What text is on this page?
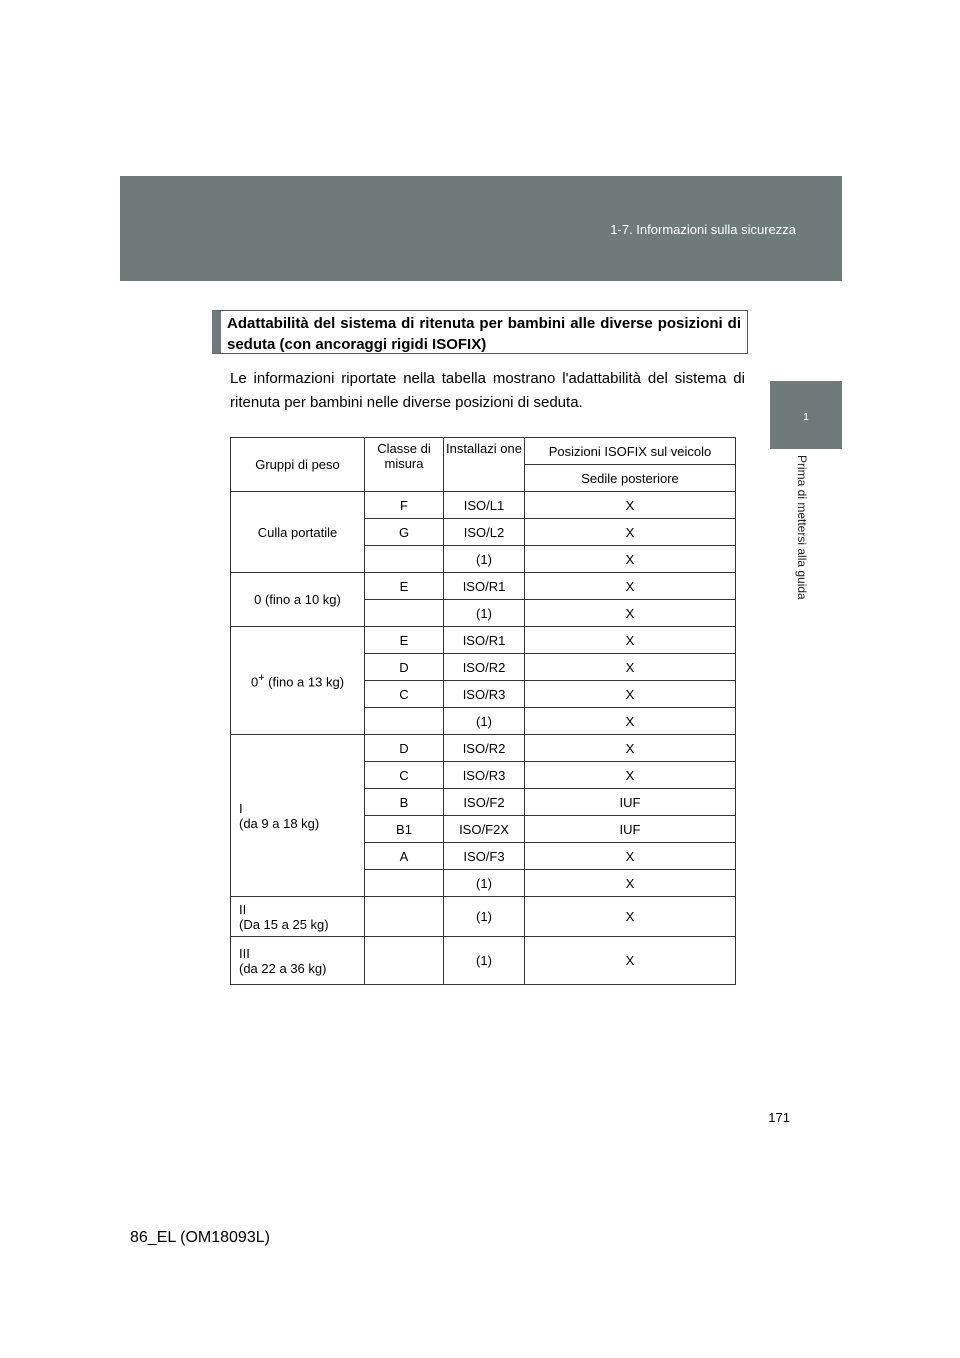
1-7. Informazioni sulla sicurezza
1
Prima di mettersi alla guida
Adattabilità del sistema di ritenuta per bambini alle diverse posizioni di seduta (con ancoraggi rigidi ISOFIX)
Le informazioni riportate nella tabella mostrano l'adattabilità del sistema di ritenuta per bambini nelle diverse posizioni di seduta.
Gruppi di peso	Classe di misura	Installazi one	Posizioni ISOFIX sul veicolo
			Sedile posteriore
Culla portatile	F	ISO/L1	X
	G	ISO/L2	X
		(1)	X
0 (fino a 10 kg)	E	ISO/R1	X
		(1)	X
0+ (fino a 13 kg)	E	ISO/R1	X
	D	ISO/R2	X
	C	ISO/R3	X
		(1)	X

I
(da 9 a 18 kg)	D	ISO/R2	X
	C	ISO/R3	X
	B	ISO/F2	IUF
	B1	ISO/F2X	IUF
	A	ISO/F3	X
		(1)	X

II
(Da 15 a 25 kg)		(1)	X

III
(da 22 a 36 kg)		(1)	X
171
86_EL (OM18093L)
